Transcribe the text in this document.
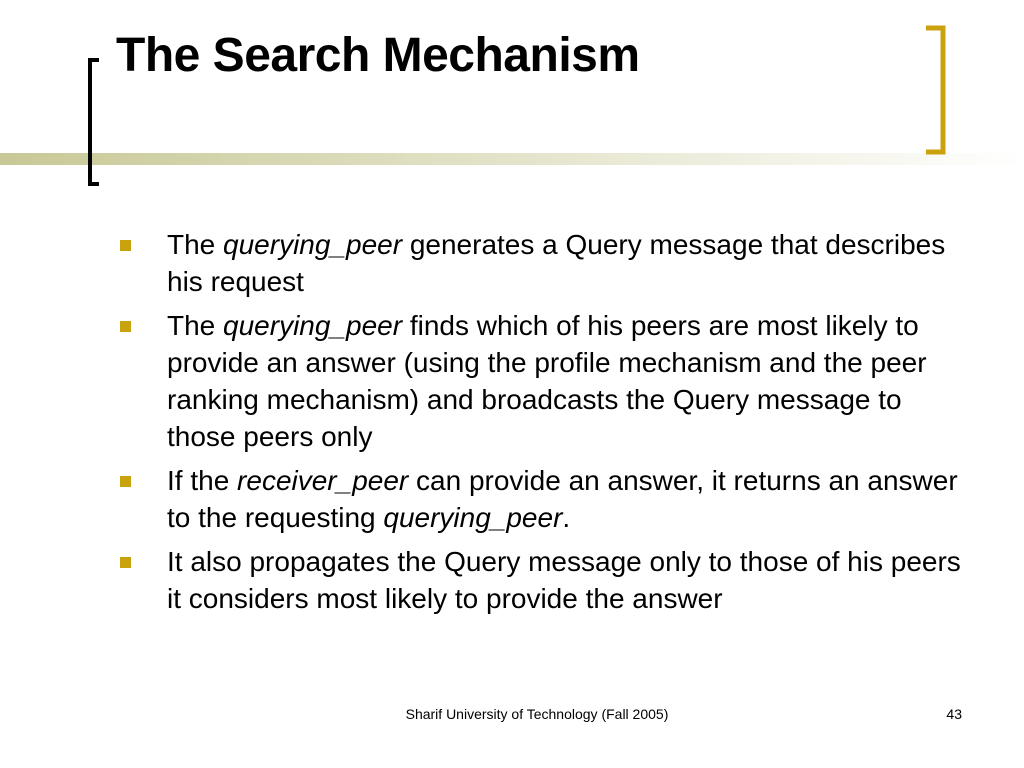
The Search Mechanism
The querying_peer generates a Query message that describes his request
The querying_peer finds which of his peers are most likely to provide an answer (using the profile mechanism and the peer ranking mechanism) and broadcasts the Query message to those peers only
If the receiver_peer can provide an answer, it returns an answer to the requesting querying_peer.
It also propagates the Query message only to those of his peers it considers most likely to provide the answer
Sharif University of Technology (Fall 2005)	43
